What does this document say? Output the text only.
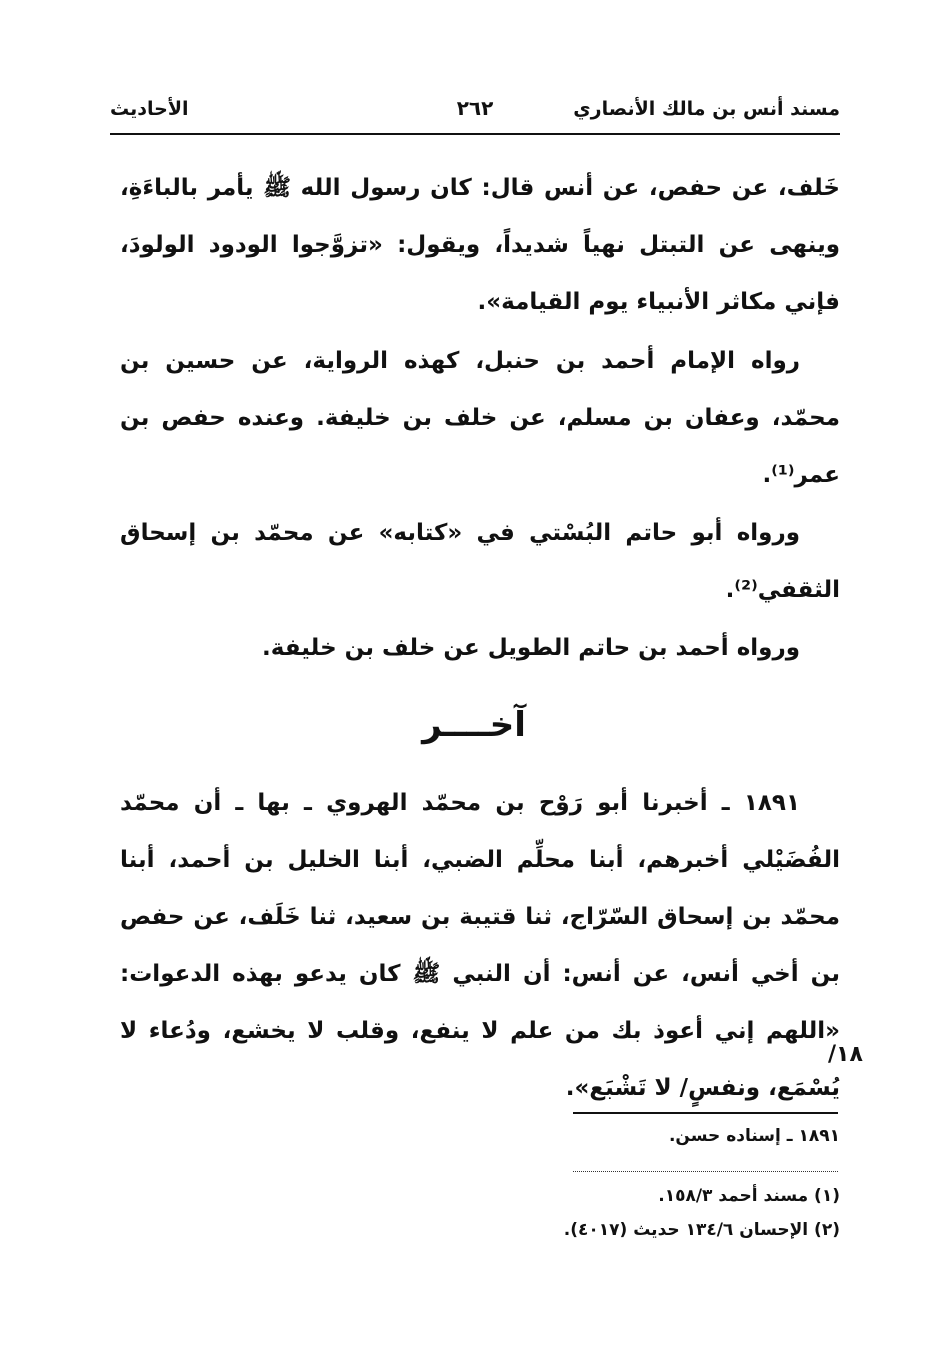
مسند أنس بن مالك الأنصاري
٢٦٢
الأحاديث
خَلف، عن حفص، عن أنس قال: كان رسول الله ﷺ يأمر بالباءَةِ، وينهى عن التبتل نهياً شديداً، ويقول: «تزوَّجوا الودود الولودَ، فإني مكاثر الأنبياء يوم القيامة».
رواه الإمام أحمد بن حنبل، كهذه الرواية، عن حسين بن محمّد، وعفان بن مسلم، عن خلف بن خليفة. وعنده حفص بن عمر⁽¹⁾.
ورواه أبو حاتم البُسْتي في «كتابه» عن محمّد بن إسحاق الثقفي⁽²⁾.
ورواه أحمد بن حاتم الطويل عن خلف بن خليفة.
آخــــر
١٨٩١ ـ أخبرنا أبو رَوْح بن محمّد الهروي ـ بها ـ أن محمّد الفُضَيْلي أخبرهم، أبنا محلِّم الضبي، أبنا الخليل بن أحمد، أبنا محمّد بن إسحاق السّرّاج، ثنا قتيبة بن سعيد، ثنا خَلَف، عن حفص بن أخي أنس، عن أنس: أن النبي ﷺ كان يدعو بهذه الدعوات: «اللهم إني أعوذ بك من علم لا ينفع، وقلب لا يخشع، ودُعاء لا يُسْمَع، ونفسٍ/ لا تَشْبَع».
١٨/
١٨٩١ ـ إسناده حسن.
(١) مسند أحمد ١٥٨/٣.
(٢) الإحسان ١٣٤/٦ حديث (٤٠١٧).
